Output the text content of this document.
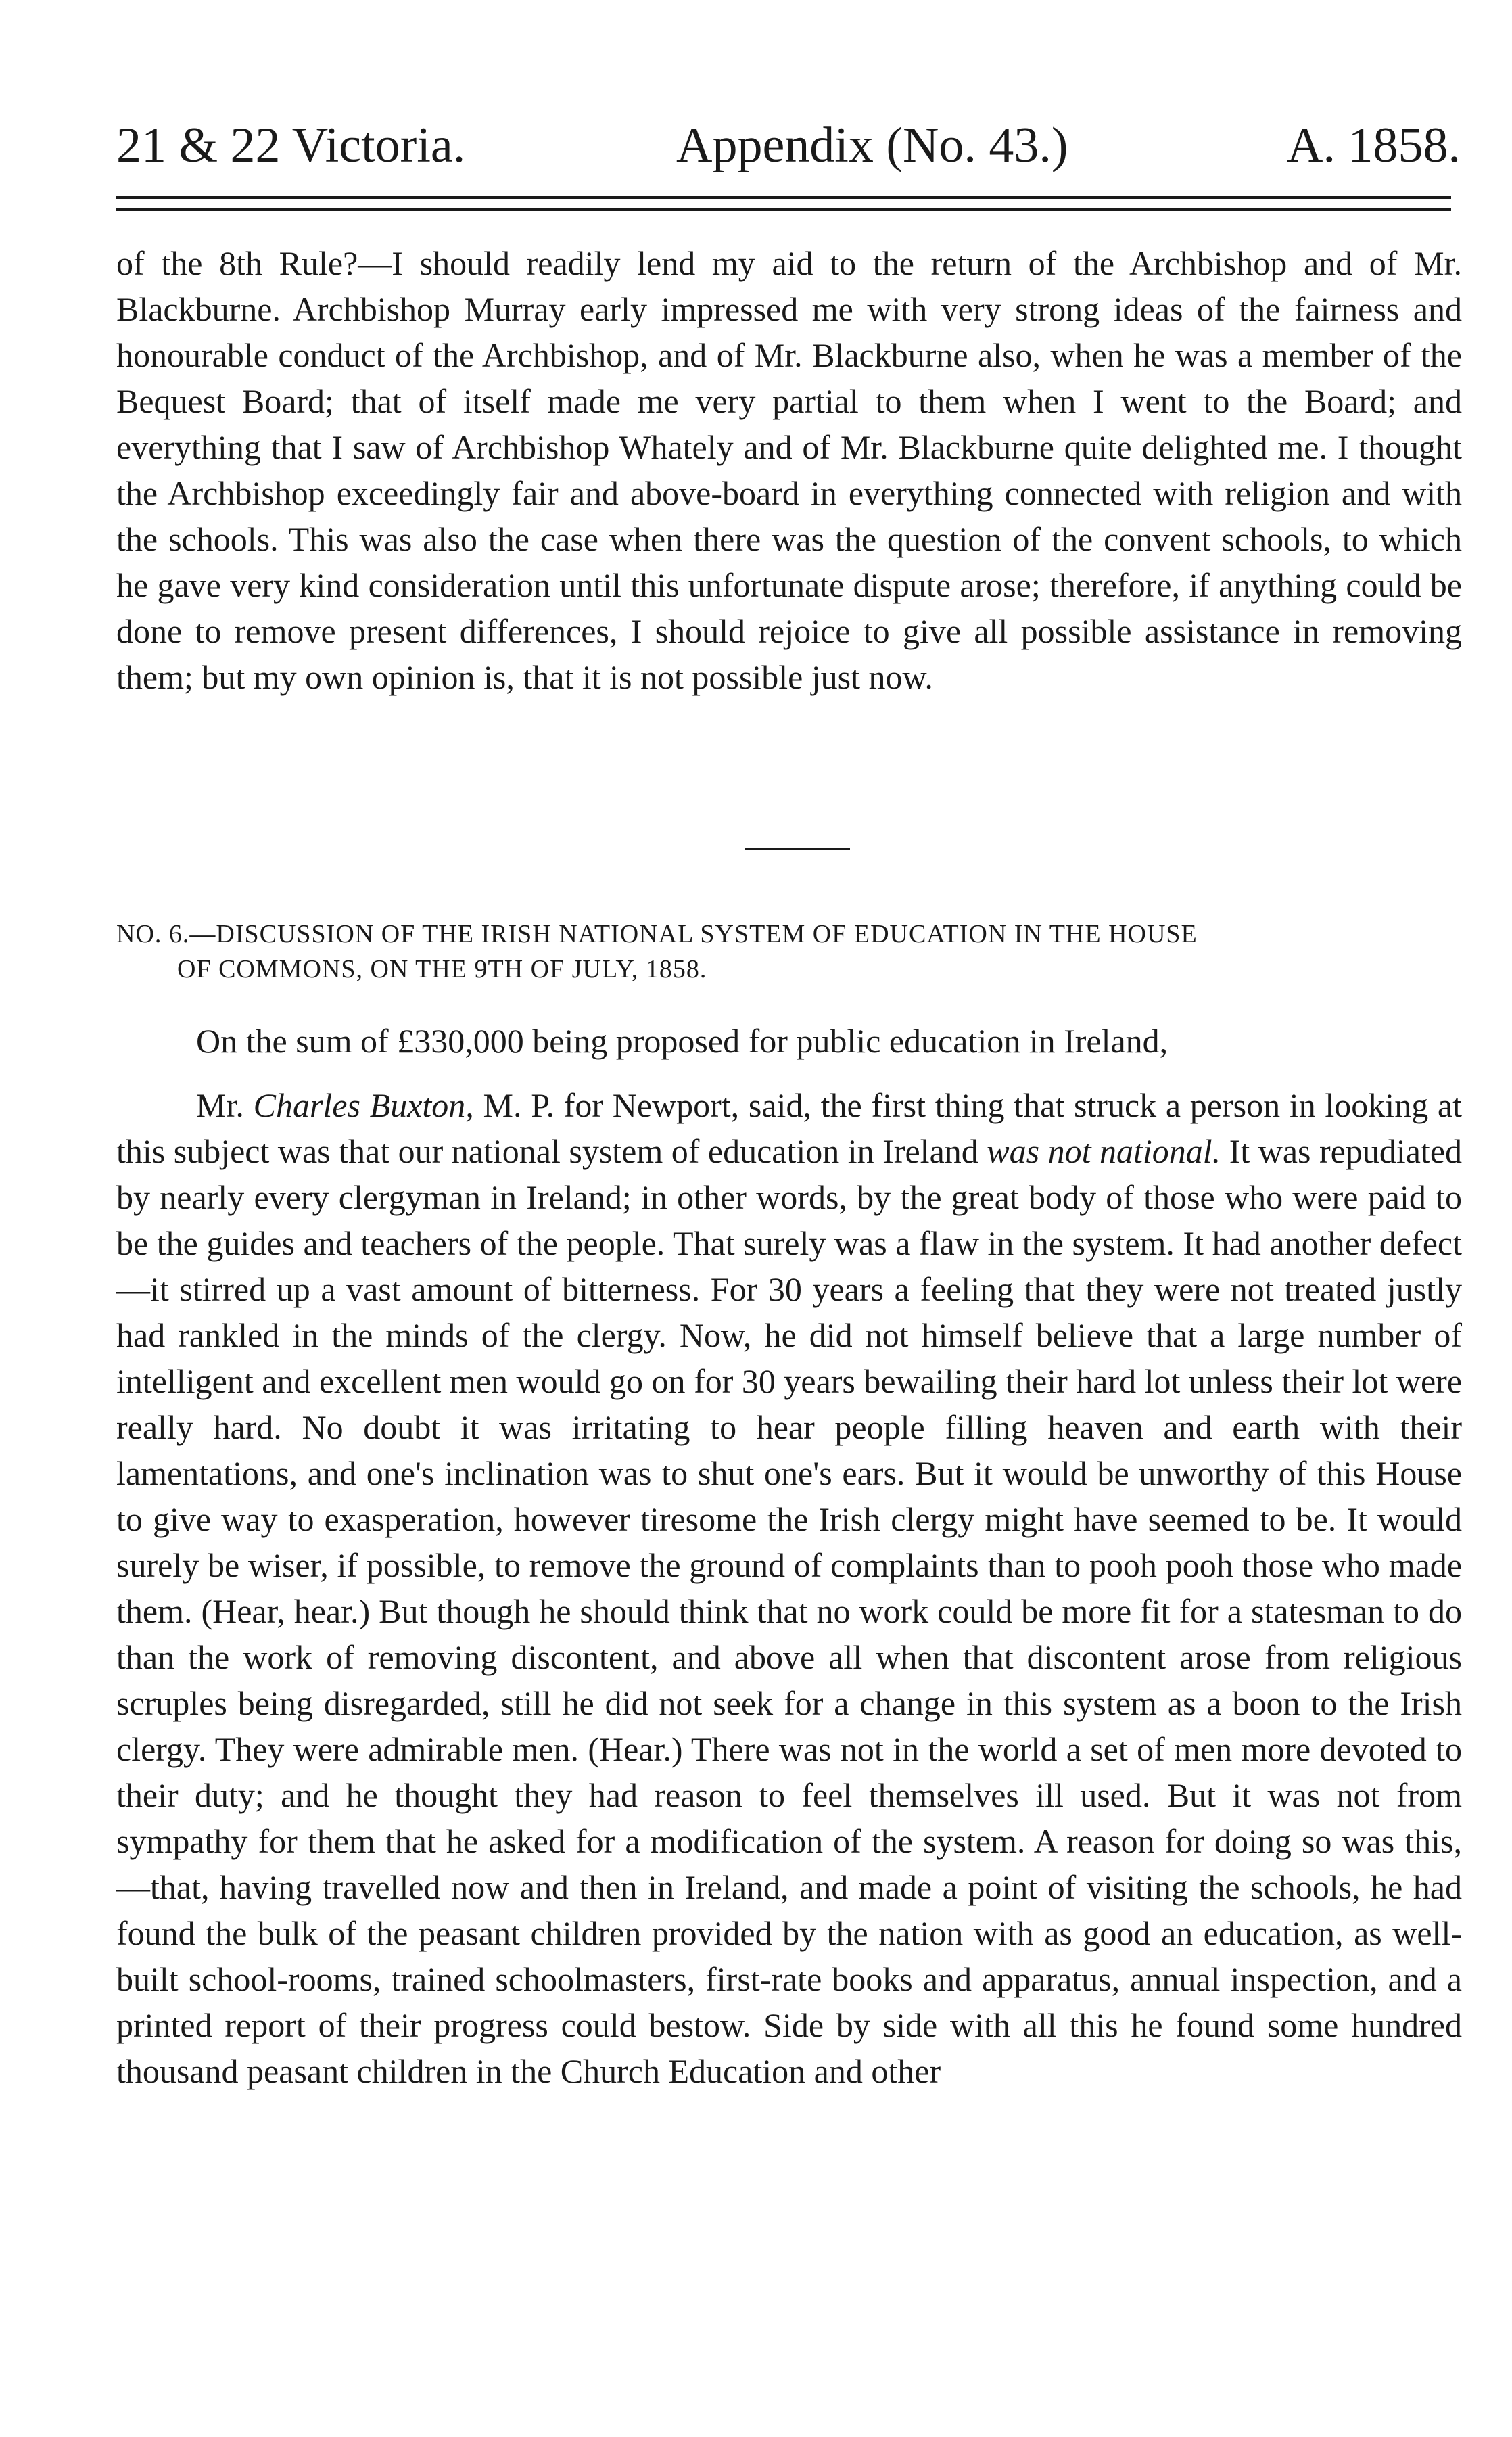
21 & 22 Victoria.	Appendix (No. 43.)	A. 1858.
of the 8th Rule?—I should readily lend my aid to the return of the Archbishop and of Mr. Blackburne. Archbishop Murray early impressed me with very strong ideas of the fairness and honourable conduct of the Archbishop, and of Mr. Blackburne also, when he was a member of the Bequest Board; that of itself made me very partial to them when I went to the Board; and everything that I saw of Archbishop Whately and of Mr. Blackburne quite delighted me. I thought the Archbishop exceedingly fair and above-board in everything connected with religion and with the schools. This was also the case when there was the question of the convent schools, to which he gave very kind consideration until this unfortunate dispute arose; therefore, if anything could be done to remove present differences, I should rejoice to give all possible assistance in removing them; but my own opinion is, that it is not possible just now.
NO. 6.—DISCUSSION OF THE IRISH NATIONAL SYSTEM OF EDUCATION IN THE HOUSE
OF COMMONS, ON THE 9TH OF JULY, 1858.
On the sum of £330,000 being proposed for public education in Ireland,
Mr. Charles Buxton, M. P. for Newport, said, the first thing that struck a person in looking at this subject was that our national system of education in Ireland was not national. It was repudiated by nearly every clergyman in Ireland; in other words, by the great body of those who were paid to be the guides and teachers of the people. That surely was a flaw in the system. It had another defect—it stirred up a vast amount of bitterness. For 30 years a feeling that they were not treated justly had rankled in the minds of the clergy. Now, he did not himself believe that a large number of intelligent and excellent men would go on for 30 years bewailing their hard lot unless their lot were really hard. No doubt it was irritating to hear people filling heaven and earth with their lamentations, and one's inclination was to shut one's ears. But it would be unworthy of this House to give way to exasperation, however tiresome the Irish clergy might have seemed to be. It would surely be wiser, if possible, to remove the ground of complaints than to pooh pooh those who made them. (Hear, hear.) But though he should think that no work could be more fit for a statesman to do than the work of removing discontent, and above all when that discontent arose from religious scruples being disregarded, still he did not seek for a change in this system as a boon to the Irish clergy. They were admirable men. (Hear.) There was not in the world a set of men more devoted to their duty; and he thought they had reason to feel themselves ill used. But it was not from sympathy for them that he asked for a modification of the system. A reason for doing so was this,—that, having travelled now and then in Ireland, and made a point of visiting the schools, he had found the bulk of the peasant children provided by the nation with as good an education, as well-built school-rooms, trained schoolmasters, first-rate books and apparatus, annual inspection, and a printed report of their progress could bestow. Side by side with all this he found some hundred thousand peasant children in the Church Education and other
